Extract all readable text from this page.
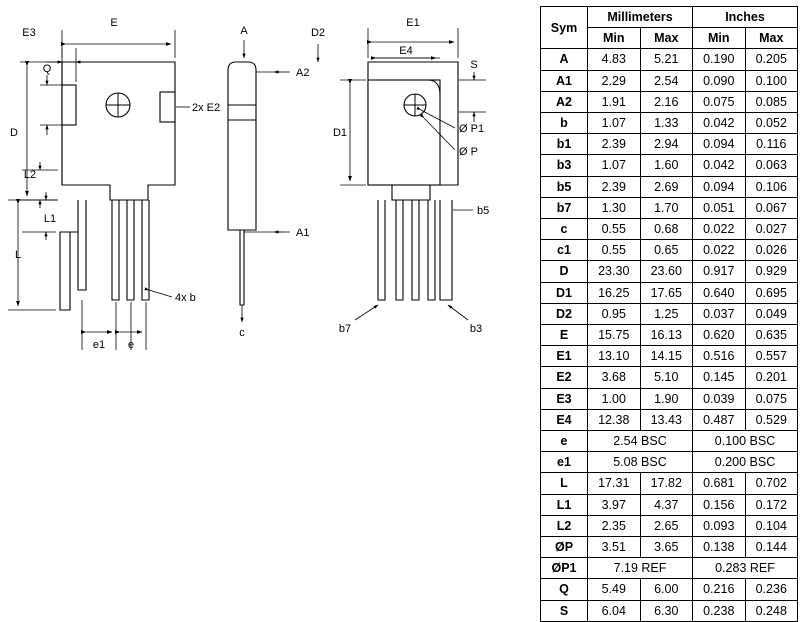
E
E3
Q
2x E2
D
L2
L1
L
4x b
e1 e
A
A2
A1
c
D2
E1
E4
S
D1	Ø P1
Ø P
b5
b7	b3
Sym	Millimeters		Inches	
	Min	Max	Min	Max
A	4.83	5.21	0.190	0.205
A1	2.29	2.54	0.090	0.100
A2	1.91	2.16	0.075	0.085
b	1.07	1.33	0.042	0.052
b1	2.39	2.94	0.094	0.116
b3	1.07	1.60	0.042	0.063
b5	2.39	2.69	0.094	0.106
b7	1.30	1.70	0.051	0.067
c	0.55	0.68	0.022	0.027
c1	0.55	0.65	0.022	0.026
D	23.30	23.60	0.917	0.929
D1	16.25	17.65	0.640	0.695
D2	0.95	1.25	0.037	0.049
E	15.75	16.13	0.620	0.635
E1	13.10	14.15	0.516	0.557
E2	3.68	5.10	0.145	0.201
E3	1.00	1.90	0.039	0.075
E4	12.38	13.43	0.487	0.529
e	2.54 BSC		0.100 BSC	
e1	5.08 BSC		0.200 BSC	
L	17.31	17.82	0.681	0.702
L1	3.97	4.37	0.156	0.172
L2	2.35	2.65	0.093	0.104
ØP	3.51	3.65	0.138	0.144
ØP1	7.19 REF		0.283 REF	
Q	5.49	6.00	0.216	0.236
S	6.04	6.30	0.238	0.248
